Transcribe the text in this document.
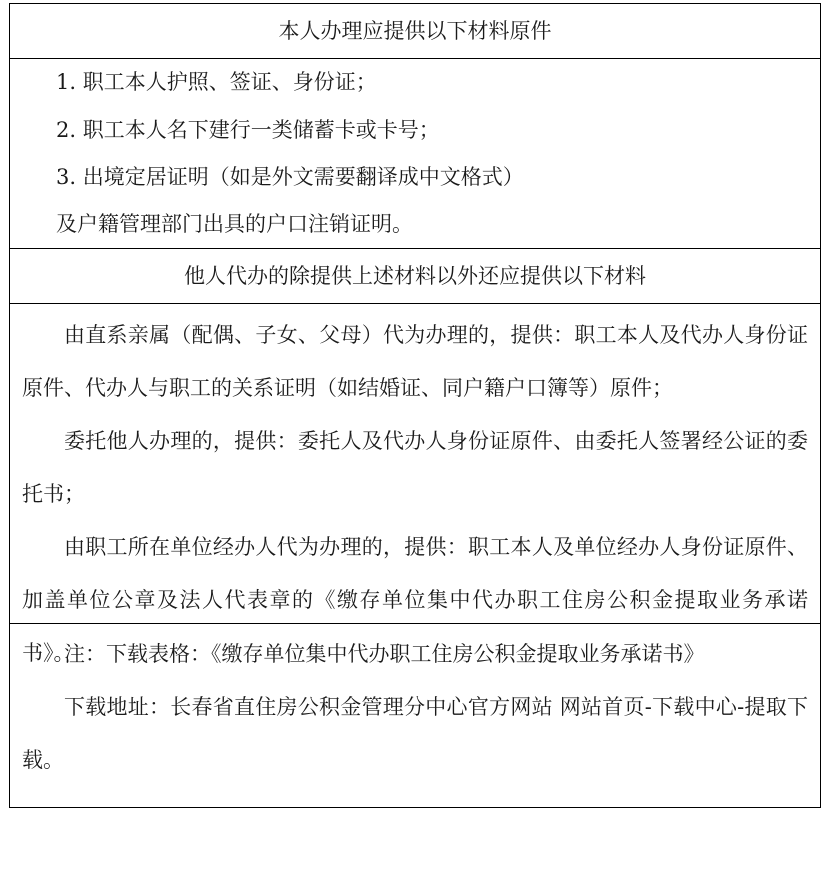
本人办理应提供以下材料原件
1. 职工本人护照、签证、身份证；
2. 职工本人名下建行一类储蓄卡或卡号；
3. 出境定居证明（如是外文需要翻译成中文格式）
及户籍管理部门出具的户口注销证明。
他人代办的除提供上述材料以外还应提供以下材料

由直系亲属（配偶、子女、父母）代为办理的，提供：职工本人及代办人身份证原件、代办人与职工的关系证明（如结婚证、同户籍户口簿等）原件；

委托他人办理的，提供：委托人及代办人身份证原件、由委托人签署经公证的委托书；

由职工所在单位经办人代为办理的，提供：职工本人及单位经办人身份证原件、加盖单位公章及法人代表章的《缴存单位集中代办职工住房公积金提取业务承诺书》。

注：下载表格：《缴存单位集中代办职工住房公积金提取业务承诺书》

下载地址：长春省直住房公积金管理分中心官方网站 网站首页-下载中心-提取下载。
